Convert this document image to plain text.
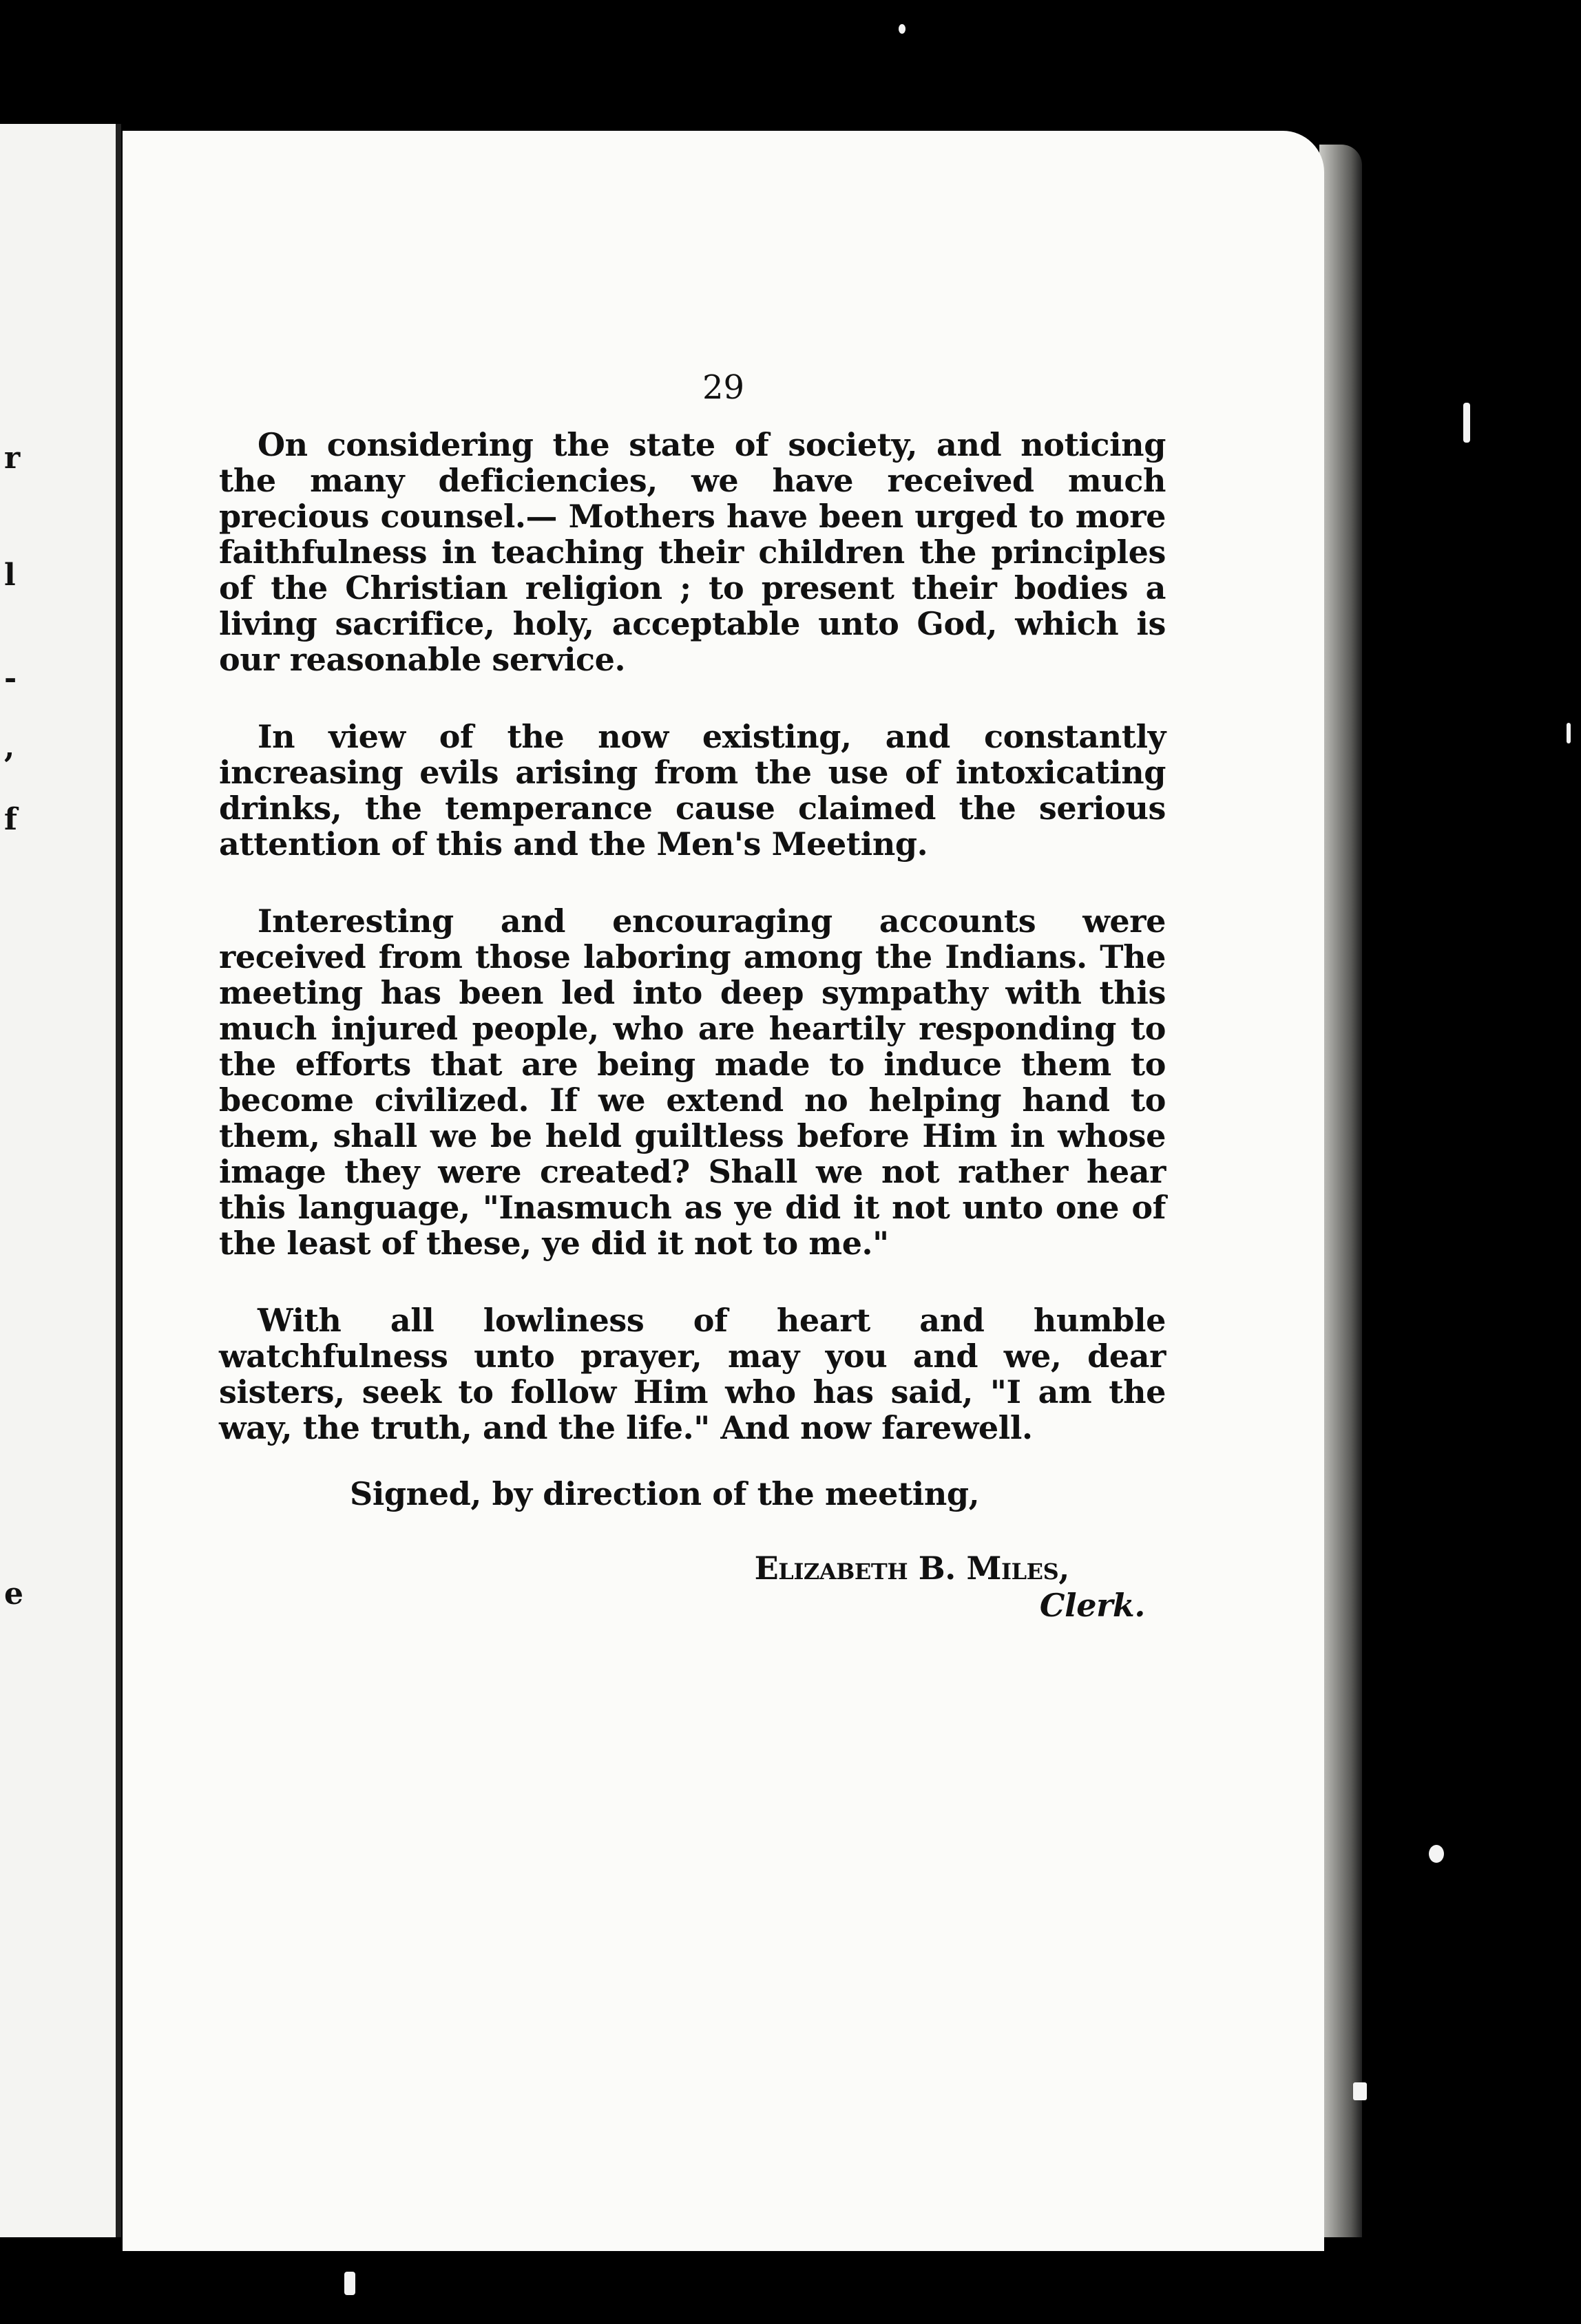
r
l
-
,
f
e
29

On considering the state of society, and noticing the many deficiencies, we have received much precious counsel.— Mothers have been urged to more faithfulness in teaching their children the principles of the Christian religion ; to present their bodies a living sacrifice, holy, acceptable unto God, which is our reasonable service.

In view of the now existing, and constantly increasing evils arising from the use of intoxicating drinks, the temperance cause claimed the serious attention of this and the Men's Meeting.

Interesting and encouraging accounts were received from those laboring among the Indians. The meeting has been led into deep sympathy with this much injured people, who are heartily responding to the efforts that are being made to induce them to become civilized. If we extend no helping hand to them, shall we be held guiltless before Him in whose image they were created? Shall we not rather hear this language, "Inasmuch as ye did it not unto one of the least of these, ye did it not to me."

With all lowliness of heart and humble watchfulness unto prayer, may you and we, dear sisters, seek to follow Him who has said, "I am the way, the truth, and the life." And now farewell.

Signed, by direction of the meeting,

Elizabeth B. Miles,
Clerk.
